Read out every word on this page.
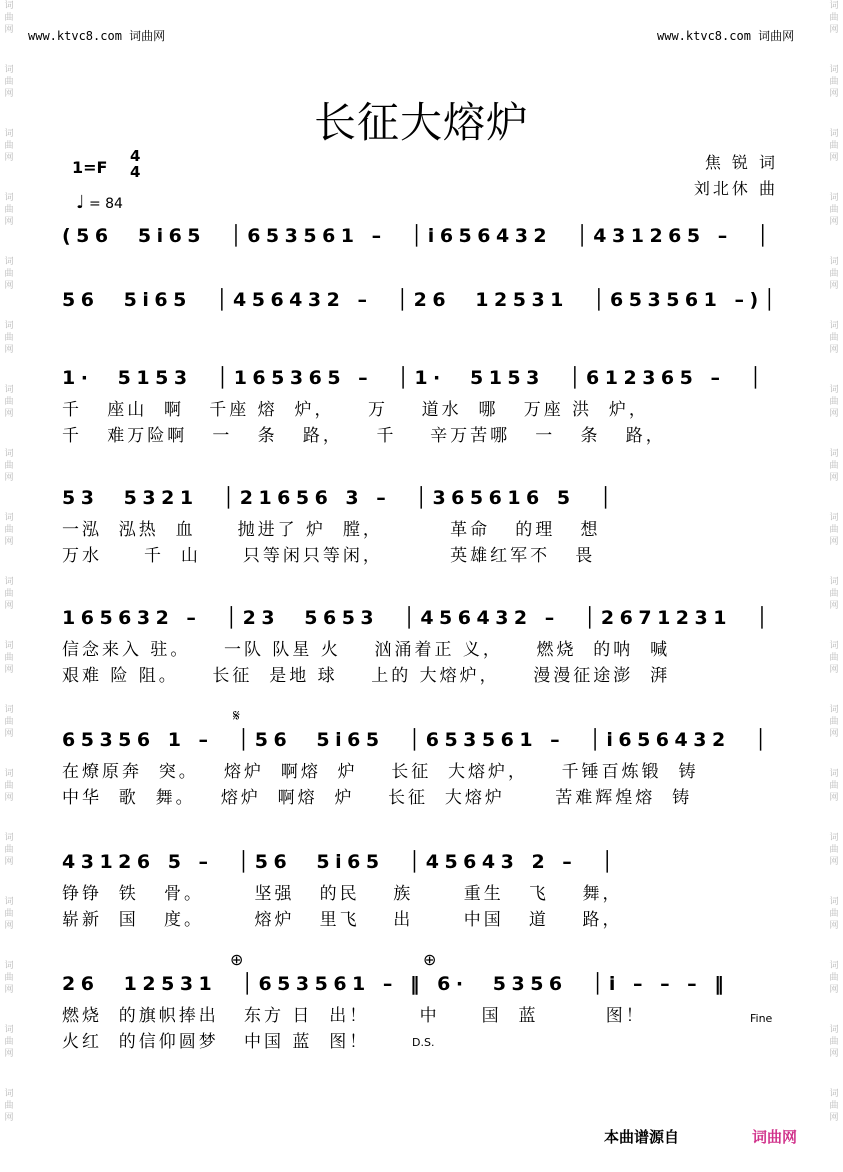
词
曲
网
词
曲
网
词
曲
网
词
曲
网
词
曲
网
词
曲
网
词
曲
网
词
曲
网
词
曲
网
词
曲
网
词
曲
网
词
曲
网
词
曲
网
词
曲
网
词
曲
网
词
曲
网
词
曲
网
词
曲
网
词
曲
网
词
曲
网
词
曲
网
词
曲
网
词
曲
网
词
曲
网
词
曲
网
词
曲
网
词
曲
网
词
曲
网
词
曲
网
词
曲
网
词
曲
网
词
曲
网
词
曲
网
词
曲
网
词
曲
网
词
曲
网
www.ktvc8.com 词曲网	www.ktvc8.com 词曲网
长征大熔炉
1=F
4
4
♩ = 84
焦 锐 词
刘北休 曲
(56  5i65  │653561 –  │i656432  │431265 –  │
56  5i65  │456432 –  │26  12531  │653561 –)│
1·  5153  │165365 –  │1·  5153  │612365 –  │
千   座山  啊   千座 熔  炉，    万    道水  哪   万座 洪  炉，
千   难万险啊   一   条   路，    千    辛万苦哪   一   条   路，
53  5321  │21656 3 –  │365616 5  │
一泓  泓热  血     抛进了 炉  膛，        革命   的理   想
万水     千  山     只等闲只等闲，        英雄红军不   畏
165632 –  │23  5653  │456432 –  │2671231  │
信念来入 驻。    一队 队星 火    汹涌着正 义，    燃烧  的呐  喊
艰难 险 阻。    长征  是地 球    上的 大熔炉，    漫漫征途澎  湃
65356 1 –  │56  5i65  │653561 –  │i656432  │
在燎原奔  突。   熔炉  啊熔  炉    长征  大熔炉，    千锤百炼锻  铸
中华  歌  舞。   熔炉  啊熔  炉    长征  大熔炉      苦难辉煌熔  铸
𝄋
43126 5 –  │56  5i65  │45643 2 –  │
铮铮  铁   骨。      坚强   的民    族      重生   飞    舞，
崭新  国   度。      熔炉   里飞    出      中国   道    路，
26  12531  │653561 – ‖ 6·  5356  │i – – – ‖
燃烧  的旗帜捧出   东方 日  出！      中     国  蓝        图！
火红  的信仰圆梦   中国 蓝  图！
⊕	⊕
Fine
D.S.
本曲谱源自	词曲网
